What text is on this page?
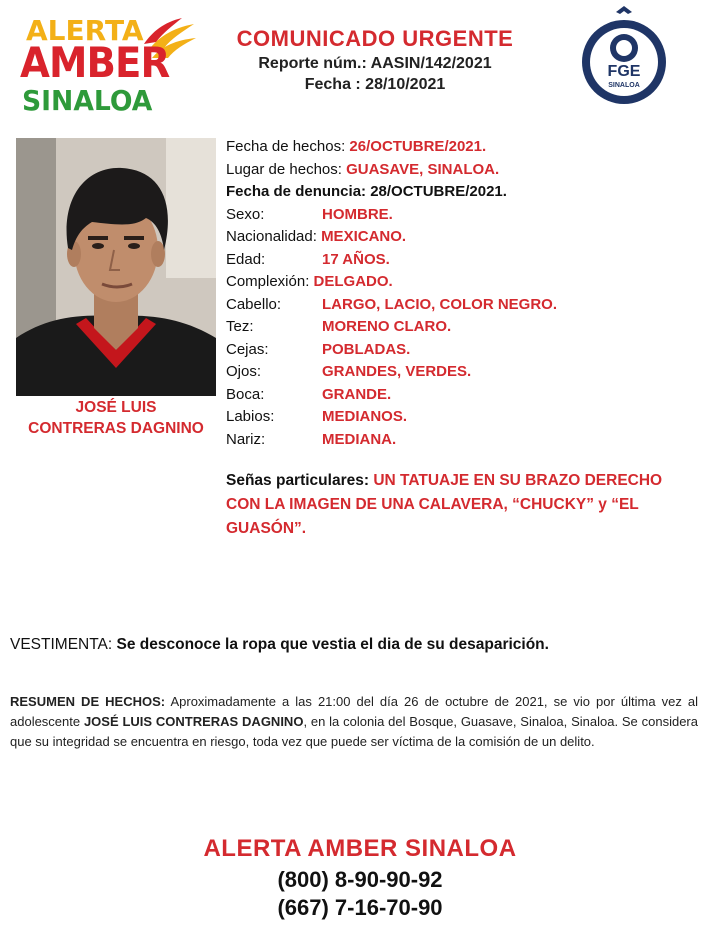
ALERTA
AMBER
SINALOA
COMUNICADO URGENTE
Reporte núm.: AASIN/142/2021
Fecha : 28/10/2021
FGE
SINALOA
JOSÉ LUIS
CONTRERAS DAGNINO
Fecha de hechos: 26/OCTUBRE/2021.
Lugar de hechos: GUASAVE, SINALOA.
Fecha de denuncia: 28/OCTUBRE/2021.
Sexo:	HOMBRE.
Nacionalidad: MEXICANO.
Edad:	17 AÑOS.
Complexión: DELGADO.
Cabello:	LARGO, LACIO, COLOR NEGRO.
Tez:	MORENO CLARO.
Cejas:	POBLADAS.
Ojos:	GRANDES, VERDES.
Boca:	GRANDE.
Labios:	MEDIANOS.
Nariz:	MEDIANA.
Señas particulares: UN TATUAJE EN SU BRAZO DERECHO CON LA IMAGEN DE UNA CALAVERA, “CHUCKY” y “EL GUASÓN”.
VESTIMENTA: Se desconoce la ropa que vestia el dia de su desaparición.
RESUMEN DE HECHOS: Aproximadamente a las 21:00 del día 26 de octubre de 2021, se vio por última vez al adolescente JOSÉ LUIS CONTRERAS DAGNINO, en la colonia del Bosque, Guasave, Sinaloa, Sinaloa. Se considera que su integridad se encuentra en riesgo, toda vez que puede ser víctima de la comisión de un delito.
ALERTA AMBER SINALOA
(800) 8-90-90-92
(667) 7-16-70-90
